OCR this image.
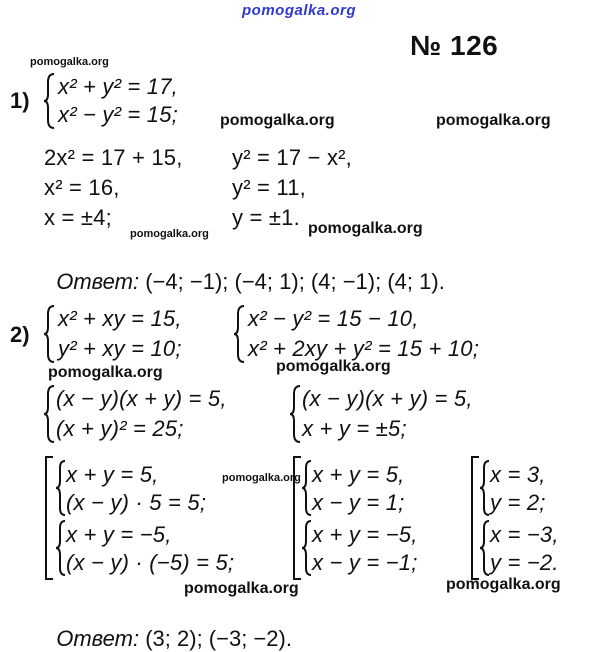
pomogalka.org
№ 126
pomogalka.org
1)
x² + y² = 17,
x² − y² = 15;	pomogalka.org	pomogalka.org
2x² = 17 + 15,
x² = 16,
x = ±4;
y² = 17 − x²,
y² = 11,
y = ±1.
pomogalka.org	pomogalka.org

Ответ: (−4; −1); (−4; 1); (4; −1); (4; 1).

2)
x² + xy = 15,
y² + xy = 10;
x² − y² = 15 − 10,
x² + 2xy + y² = 15 + 10;
pomogalka.org	pomogalka.org
(x − y)(x + y) = 5,
(x + y)² = 25;
(x − y)(x + y) = 5,
x + y = ±5;
x + y = 5,
(x − y) · 5 = 5;
x + y = −5,
(x − y) · (−5) = 5;
pomogalka.org x + y = 5,
x − y = 1;
x + y = −5,
x − y = −1;
x = 3,
y = 2;
x = −3,
y = −2.
pomogalka.org	pomogalka.org

Ответ: (3; 2); (−3; −2).
